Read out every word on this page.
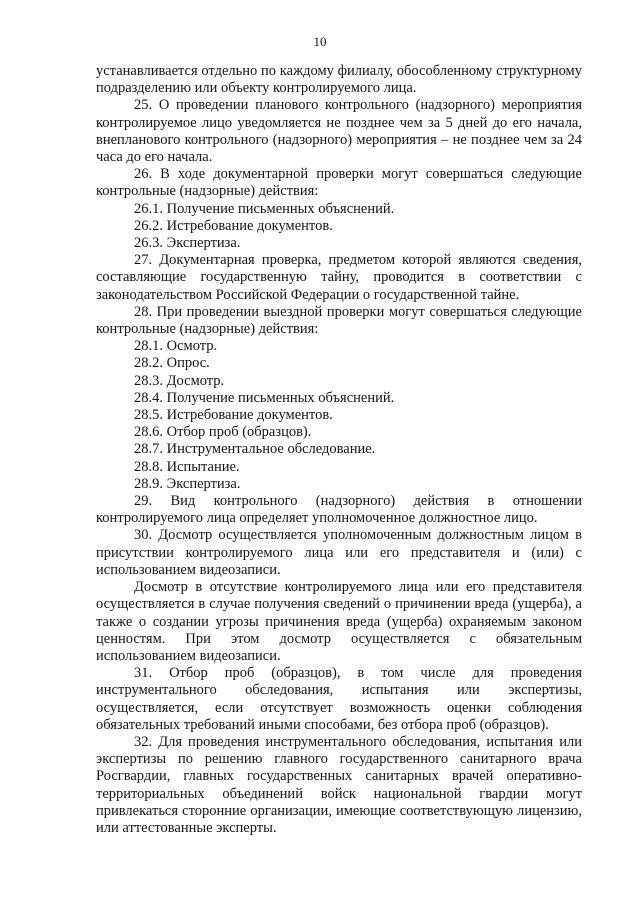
10

устанавливается отдельно по каждому филиалу, обособленному структурному подразделению или объекту контролируемого лица.

25. О проведении планового контрольного (надзорного) мероприятия контролируемое лицо уведомляется не позднее чем за 5 дней до его начала, внепланового контрольного (надзорного) мероприятия – не позднее чем за 24 часа до его начала.

26. В ходе документарной проверки могут совершаться следующие контрольные (надзорные) действия:

26.1. Получение письменных объяснений.

26.2. Истребование документов.

26.3. Экспертиза.

27. Документарная проверка, предметом которой являются сведения, составляющие государственную тайну, проводится в соответствии с законодательством Российской Федерации о государственной тайне.

28. При проведении выездной проверки могут совершаться следующие контрольные (надзорные) действия:

28.1. Осмотр.

28.2. Опрос.

28.3. Досмотр.

28.4. Получение письменных объяснений.

28.5. Истребование документов.

28.6. Отбор проб (образцов).

28.7. Инструментальное обследование.

28.8. Испытание.

28.9. Экспертиза.

29. Вид контрольного (надзорного) действия в отношении контролируемого лица определяет уполномоченное должностное лицо.

30. Досмотр осуществляется уполномоченным должностным лицом в присутствии контролируемого лица или его представителя и (или) с использованием видеозаписи.

Досмотр в отсутствие контролируемого лица или его представителя осуществляется в случае получения сведений о причинении вреда (ущерба), а также о создании угрозы причинения вреда (ущерба) охраняемым законом ценностям. При этом досмотр осуществляется с обязательным использованием видеозаписи.

31. Отбор проб (образцов), в том числе для проведения инструментального обследования, испытания или экспертизы, осуществляется, если отсутствует возможность оценки соблюдения обязательных требований иными способами, без отбора проб (образцов).

32. Для проведения инструментального обследования, испытания или экспертизы по решению главного государственного санитарного врача Росгвардии, главных государственных санитарных врачей оперативно-территориальных объединений войск национальной гвардии могут привлекаться сторонние организации, имеющие соответствующую лицензию, или аттестованные эксперты.
